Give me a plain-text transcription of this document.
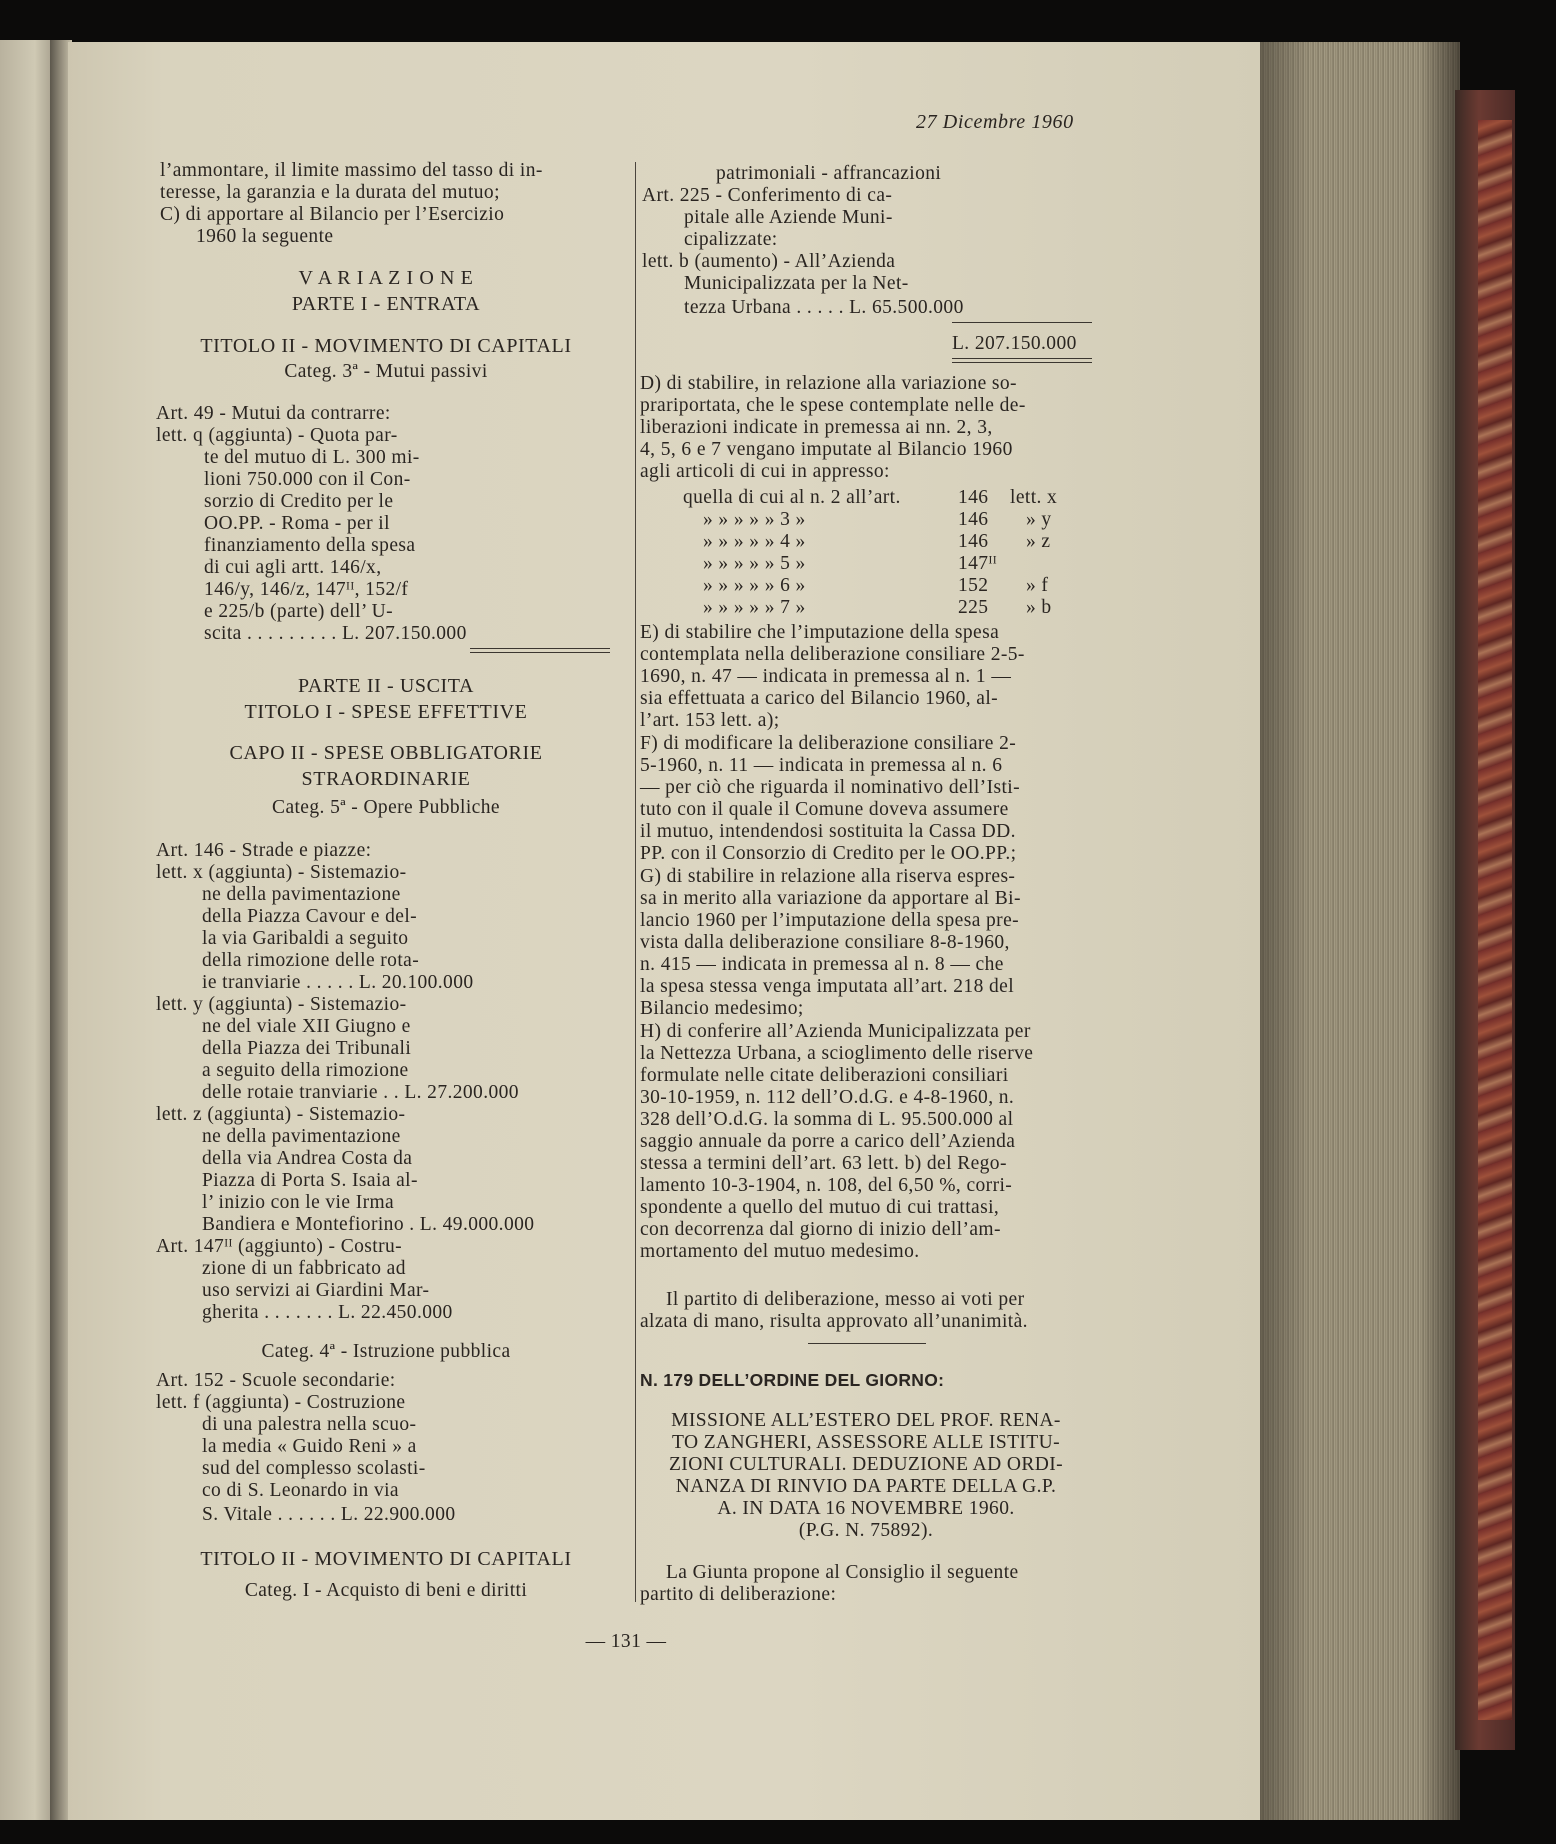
27 Dicembre 1960
l’ammontare, il limite massimo del tasso di in-
teresse, la garanzia e la durata del mutuo;
C) di apportare al Bilancio per l’Esercizio
1960 la seguente
V A R I A Z I O N E
PARTE I - ENTRATA
TITOLO II - MOVIMENTO DI CAPITALI
Categ. 3ª - Mutui passivi
Art. 49 - Mutui da contrarre:
lett. q (aggiunta) - Quota par-
te del mutuo di L. 300 mi-
lioni 750.000 con il Con-
sorzio di Credito per le
OO.PP. - Roma - per il
finanziamento della spesa
di cui agli artt. 146/x,
146/y, 146/z, 147ᴵᴵ, 152/f
e 225/b (parte) dell’ U-
scita . . . . . . . . . L. 207.150.000
PARTE II - USCITA
TITOLO I - SPESE EFFETTIVE
CAPO II - SPESE OBBLIGATORIE
STRAORDINARIE
Categ. 5ª - Opere Pubbliche
Art. 146 - Strade e piazze:
lett. x (aggiunta) - Sistemazio-
ne della pavimentazione
della Piazza Cavour e del-
la via Garibaldi a seguito
della rimozione delle rota-
ie tranviarie . . . . . L. 20.100.000
lett. y (aggiunta) - Sistemazio-
ne del viale XII Giugno e
della Piazza dei Tribunali
a seguito della rimozione
delle rotaie tranviarie . . L. 27.200.000
lett. z (aggiunta) - Sistemazio-
ne della pavimentazione
della via Andrea Costa da
Piazza di Porta S. Isaia al-
l’ inizio con le vie Irma
Bandiera e Montefiorino . L. 49.000.000
Art. 147ᴵᴵ (aggiunto) - Costru-
zione di un fabbricato ad
uso servizi ai Giardini Mar-
gherita . . . . . . . L. 22.450.000
Categ. 4ª - Istruzione pubblica
Art. 152 - Scuole secondarie:
lett. f (aggiunta) - Costruzione
di una palestra nella scuo-
la media « Guido Reni » a
sud del complesso scolasti-
co di S. Leonardo in via
S. Vitale . . . . . . L. 22.900.000
TITOLO II - MOVIMENTO DI CAPITALI
Categ. I - Acquisto di beni e diritti
patrimoniali - affrancazioni
Art. 225 - Conferimento di ca-
pitale alle Aziende Muni-
cipalizzate:
lett. b (aumento) - All’Azienda
Municipalizzata per la Net-
tezza Urbana . . . . . L. 65.500.000
L. 207.150.000
D) di stabilire, in relazione alla variazione so-
prariportata, che le spese contemplate nelle de-
liberazioni indicate in premessa ai nn. 2, 3,
4, 5, 6 e 7 vengano imputate al Bilancio 1960
agli articoli di cui in appresso:
quella di cui al n. 2 all’art.	146 lett. x
» » » » » 3 »	146 » y
» » » » » 4 »	146 » z
» » » » » 5 »	147ᴵᴵ
» » » » » 6 »	152 » f
» » » » » 7 »	225 » b
E) di stabilire che l’imputazione della spesa
contemplata nella deliberazione consiliare 2-5-
1690, n. 47 — indicata in premessa al n. 1 —
sia effettuata a carico del Bilancio 1960, al-
l’art. 153 lett. a);
F) di modificare la deliberazione consiliare 2-
5-1960, n. 11 — indicata in premessa al n. 6
— per ciò che riguarda il nominativo dell’Isti-
tuto con il quale il Comune doveva assumere
il mutuo, intendendosi sostituita la Cassa DD.
PP. con il Consorzio di Credito per le OO.PP.;
G) di stabilire in relazione alla riserva espres-
sa in merito alla variazione da apportare al Bi-
lancio 1960 per l’imputazione della spesa pre-
vista dalla deliberazione consiliare 8-8-1960,
n. 415 — indicata in premessa al n. 8 — che
la spesa stessa venga imputata all’art. 218 del
Bilancio medesimo;
H) di conferire all’Azienda Municipalizzata per
la Nettezza Urbana, a scioglimento delle riserve
formulate nelle citate deliberazioni consiliari
30-10-1959, n. 112 dell’O.d.G. e 4-8-1960, n.
328 dell’O.d.G. la somma di L. 95.500.000 al
saggio annuale da porre a carico dell’Azienda
stessa a termini dell’art. 63 lett. b) del Rego-
lamento 10-3-1904, n. 108, del 6,50 %, corri-
spondente a quello del mutuo di cui trattasi,
con decorrenza dal giorno di inizio dell’am-
mortamento del mutuo medesimo.
Il partito di deliberazione, messo ai voti per
alzata di mano, risulta approvato all’unanimità.
N. 179 DELL’ORDINE DEL GIORNO:
MISSIONE ALL’ESTERO DEL PROF. RENA-
TO ZANGHERI, ASSESSORE ALLE ISTITU-
ZIONI CULTURALI. DEDUZIONE AD ORDI-
NANZA DI RINVIO DA PARTE DELLA G.P.
A. IN DATA 16 NOVEMBRE 1960.
(P.G. N. 75892).
La Giunta propone al Consiglio il seguente
partito di deliberazione:
— 131 —
